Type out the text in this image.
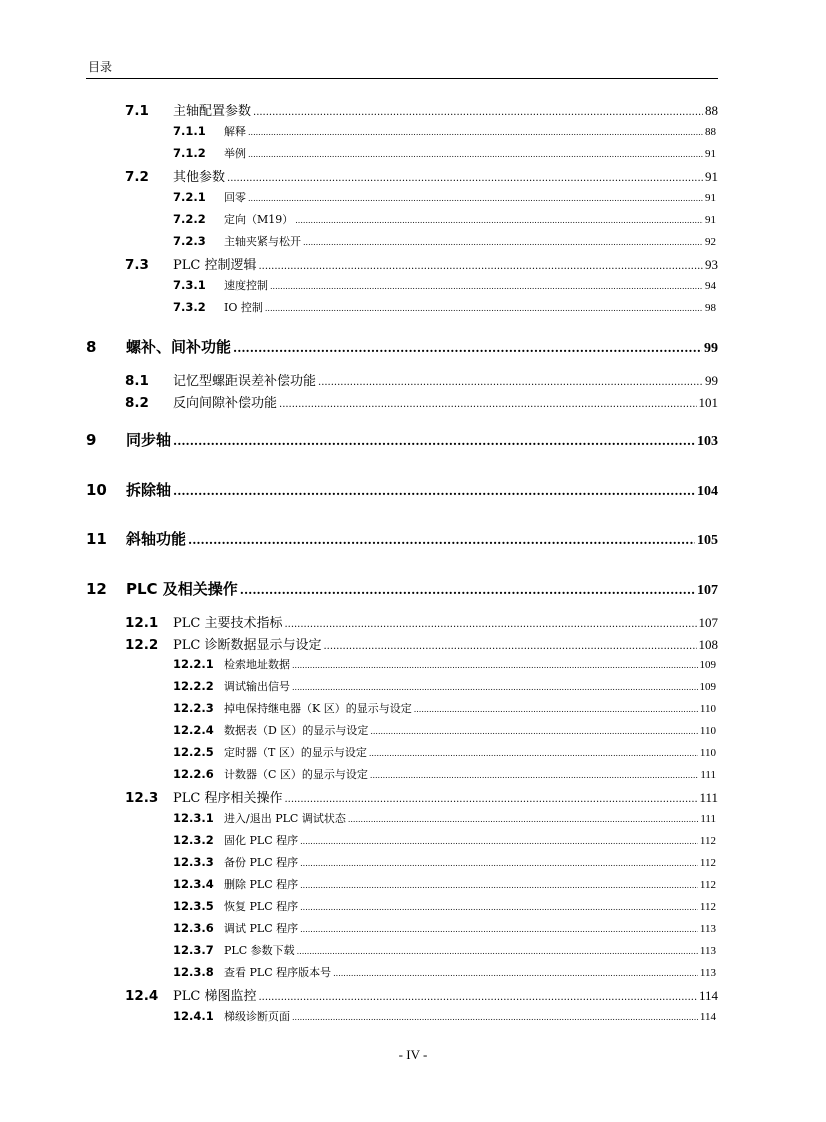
目录
7.1	主轴配置参数 .....	88
7.1.1	解释 .....	88
7.1.2	举例 .....	91
7.2	其他参数 .....	91
7.2.1	回零 .....	91
7.2.2	定向（M19） .....	91
7.2.3	主轴夹紧与松开 .....	92
7.3	PLC 控制逻辑 .....	93
7.3.1	速度控制 .....	94
7.3.2	IO 控制 .....	98
8	螺补、间补功能 .....	99
8.1	记忆型螺距误差补偿功能 .....	99
8.2	反向间隙补偿功能 .....	101
9	同步轴 .....	103
10	拆除轴 .....	104
11	斜轴功能 .....	105
12	PLC 及相关操作 .....	107
12.1	PLC 主要技术指标 .....	107
12.2	PLC 诊断数据显示与设定 .....	108
12.2.1 检索地址数据 .....	109
12.2.2 调试输出信号 .....	109
12.2.3 掉电保持继电器（K 区）的显示与设定 .....	110
12.2.4 数据表（D 区）的显示与设定 .....	110
12.2.5 定时器（T 区）的显示与设定 .....	110
12.2.6 计数器（C 区）的显示与设定 .....	111
12.3	PLC 程序相关操作 .....	111
12.3.1 进入/退出 PLC 调试状态 .....	111
12.3.2 固化 PLC 程序 .....	112
12.3.3 备份 PLC 程序 .....	112
12.3.4 删除 PLC 程序 .....	112
12.3.5 恢复 PLC 程序 .....	112
12.3.6 调试 PLC 程序 .....	113
12.3.7 PLC 参数下载 .....	113
12.3.8 查看 PLC 程序版本号 .....	113
12.4	PLC 梯图监控 .....	114
12.4.1 梯级诊断页面 .....	114
- IV -
